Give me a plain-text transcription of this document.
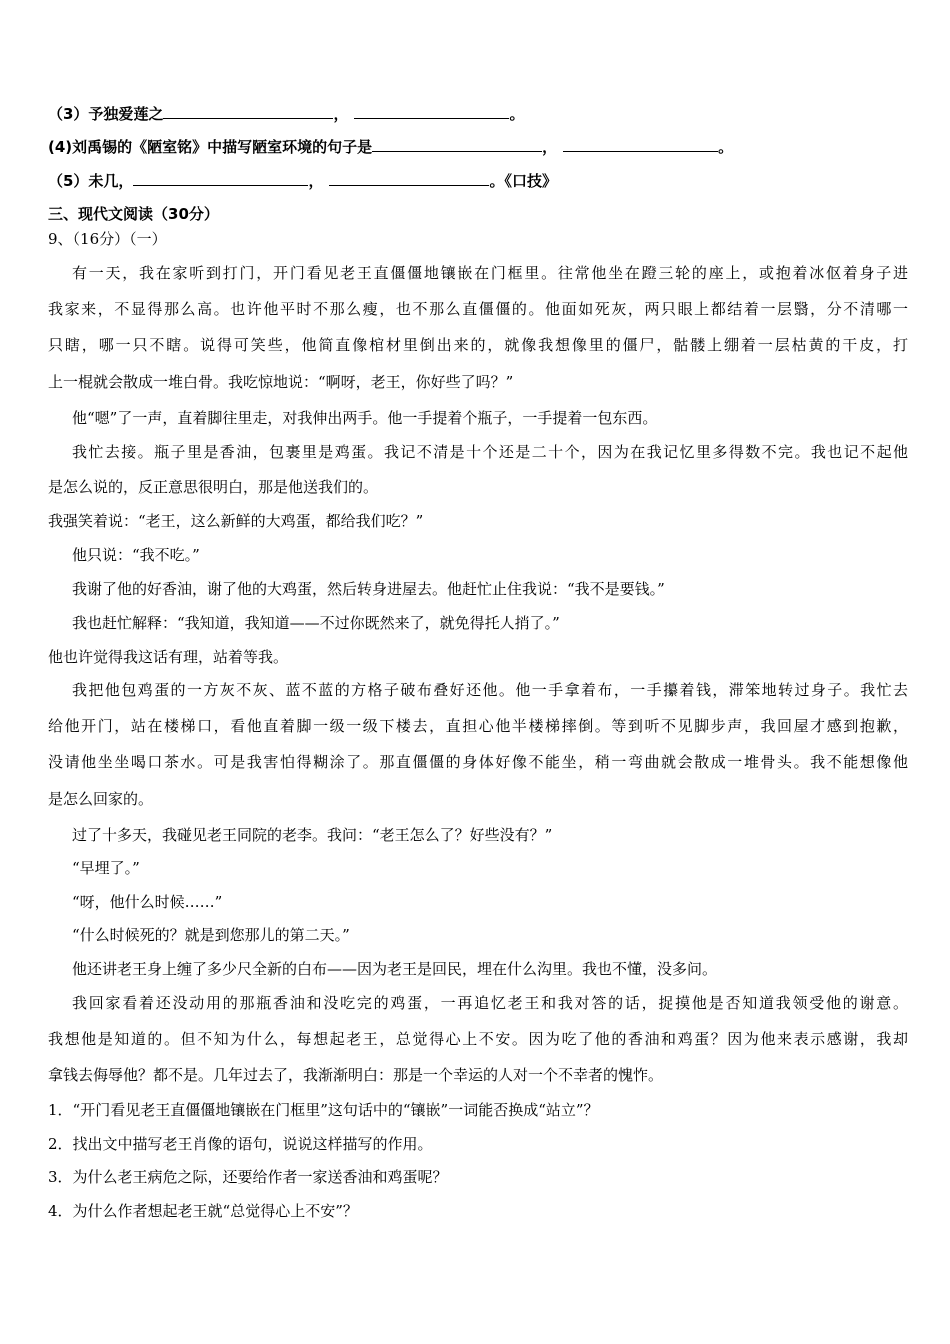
（3）予独爱莲之	，	。
(4)刘禹锡的《陋室铭》中描写陋室环境的句子是	，	。
（5）未几，	，	。《口技》
三、现代文阅读（30分）
9、（16分）（一）
有一天，我在家听到打门，开门看见老王直僵僵地镶嵌在门框里。往常他坐在蹬三轮的座上，或抱着冰伛着身子进
我家来，不显得那么高。也许他平时不那么瘦，也不那么直僵僵的。他面如死灰，两只眼上都结着一层翳，分不清哪一
只瞎，哪一只不瞎。说得可笑些，他简直像棺材里倒出来的，就像我想像里的僵尸，骷髅上绷着一层枯黄的干皮，打
上一棍就会散成一堆白骨。我吃惊地说：“啊呀，老王，你好些了吗？”
他“嗯”了一声，直着脚往里走，对我伸出两手。他一手提着个瓶子，一手提着一包东西。
我忙去接。瓶子里是香油，包裹里是鸡蛋。我记不清是十个还是二十个，因为在我记忆里多得数不完。我也记不起他
是怎么说的，反正意思很明白，那是他送我们的。
我强笑着说：“老王，这么新鲜的大鸡蛋，都给我们吃？”
他只说：“我不吃。”
我谢了他的好香油，谢了他的大鸡蛋，然后转身进屋去。他赶忙止住我说：“我不是要钱。”
我也赶忙解释：“我知道，我知道——不过你既然来了，就免得托人捎了。”
他也许觉得我这话有理，站着等我。
我把他包鸡蛋的一方灰不灰、蓝不蓝的方格子破布叠好还他。他一手拿着布，一手攥着钱，滞笨地转过身子。我忙去
给他开门，站在楼梯口，看他直着脚一级一级下楼去，直担心他半楼梯摔倒。等到听不见脚步声，我回屋才感到抱歉，
没请他坐坐喝口茶水。可是我害怕得糊涂了。那直僵僵的身体好像不能坐，稍一弯曲就会散成一堆骨头。我不能想像他
是怎么回家的。
过了十多天，我碰见老王同院的老李。我问：“老王怎么了？好些没有？”
“早埋了。”
“呀，他什么时候……”
“什么时候死的？就是到您那儿的第二天。”
他还讲老王身上缠了多少尺全新的白布——因为老王是回民，埋在什么沟里。我也不懂，没多问。
我回家看着还没动用的那瓶香油和没吃完的鸡蛋，一再追忆老王和我对答的话，捉摸他是否知道我领受他的谢意。
我想他是知道的。但不知为什么，每想起老王，总觉得心上不安。因为吃了他的香油和鸡蛋？因为他来表示感谢，我却
拿钱去侮辱他？都不是。几年过去了，我渐渐明白：那是一个幸运的人对一个不幸者的愧怍。
1．“开门看见老王直僵僵地镶嵌在门框里”这句话中的“镶嵌”一词能否换成“站立”？
2．找出文中描写老王肖像的语句，说说这样描写的作用。
3．为什么老王病危之际，还要给作者一家送香油和鸡蛋呢？
4．为什么作者想起老王就“总觉得心上不安”？
